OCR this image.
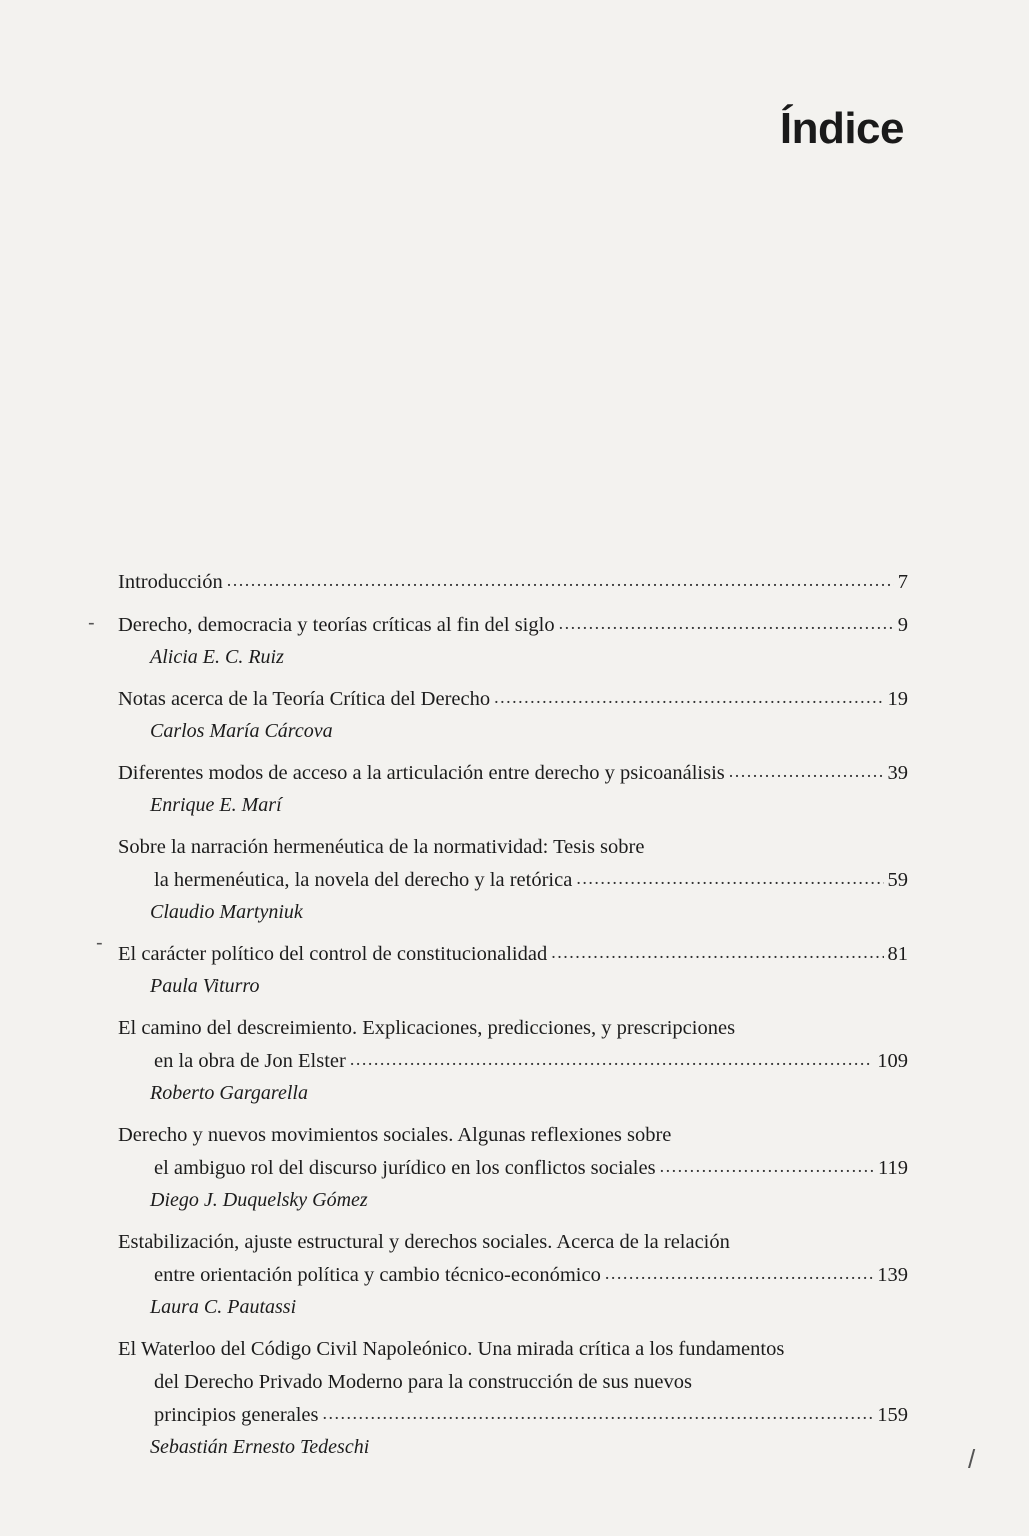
Índice
-
-
/
Introducción .....	7
Derecho, democracia y teorías críticas al fin del siglo .....	9
Alicia E. C. Ruiz
Notas acerca de la Teoría Crítica del Derecho .....	19
Carlos María Cárcova
Diferentes modos de acceso a la articulación entre derecho y psicoanálisis .....	39
Enrique E. Marí
Sobre la narración hermenéutica de la normatividad: Tesis sobre
la hermenéutica, la novela del derecho y la retórica .....	59
Claudio Martyniuk
El carácter político del control de constitucionalidad .....	81
Paula Viturro
El camino del descreimiento. Explicaciones, predicciones, y prescripciones
en la obra de Jon Elster .....	109
Roberto Gargarella
Derecho y nuevos movimientos sociales. Algunas reflexiones sobre
el ambiguo rol del discurso jurídico en los conflictos sociales .....	119
Diego J. Duquelsky Gómez
Estabilización, ajuste estructural y derechos sociales. Acerca de la relación
entre orientación política y cambio técnico-económico .....	139
Laura C. Pautassi
El Waterloo del Código Civil Napoleónico. Una mirada crítica a los fundamentos
del Derecho Privado Moderno para la construcción de sus nuevos
principios generales .....	159
Sebastián Ernesto Tedeschi
